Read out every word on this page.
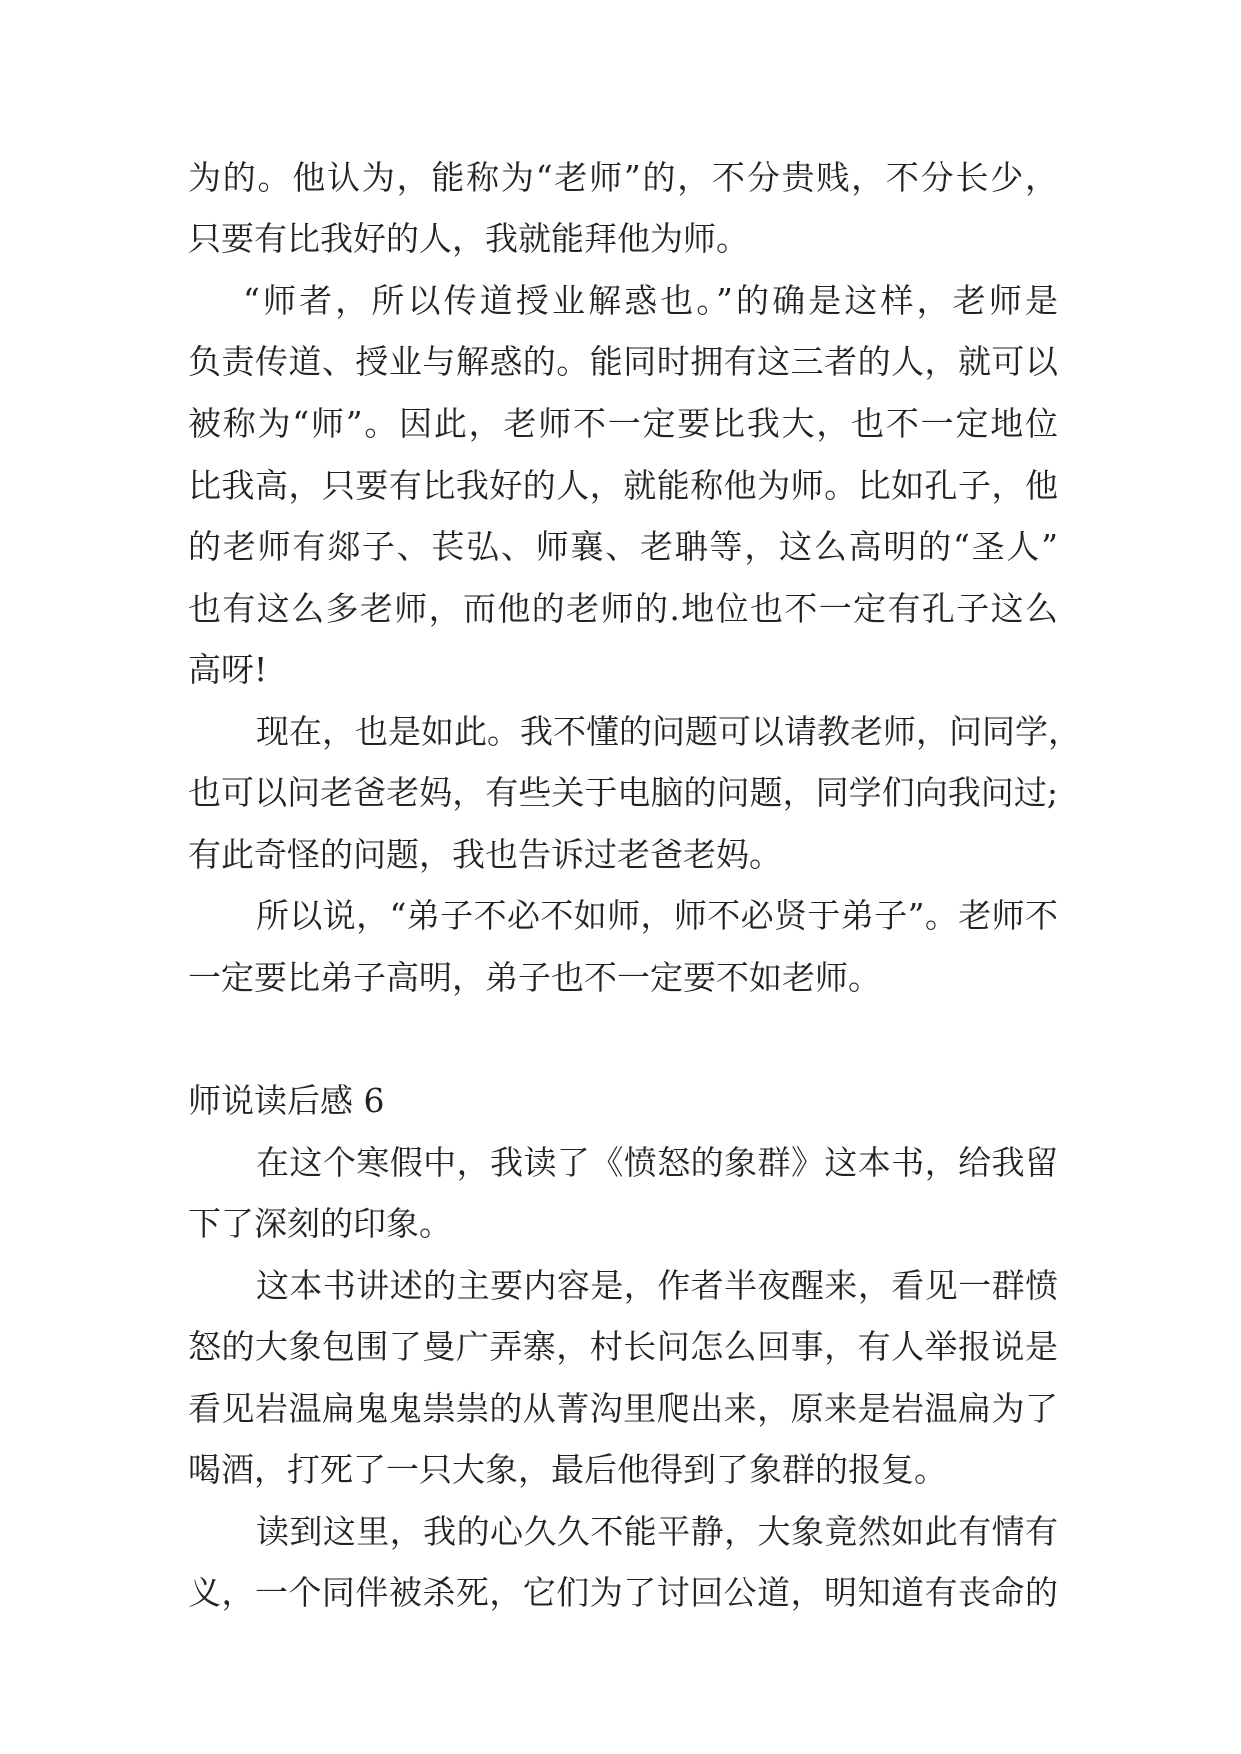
为的。他认为，能称为“老师”的，不分贵贱，不分长少，
只要有比我好的人，我就能拜他为师。
“师者，所以传道授业解惑也。”的确是这样，老师是
负责传道、授业与解惑的。能同时拥有这三者的人，就可以
被称为“师”。因此，老师不一定要比我大，也不一定地位
比我高，只要有比我好的人，就能称他为师。比如孔子，他
的老师有郯子、苌弘、师襄、老聃等，这么高明的“圣人”
也有这么多老师，而他的老师的.地位也不一定有孔子这么
高呀!
现在，也是如此。我不懂的问题可以请教老师，问同学，
也可以问老爸老妈，有些关于电脑的问题，同学们向我问过;
有此奇怪的问题，我也告诉过老爸老妈。
所以说，“弟子不必不如师，师不必贤于弟子”。老师不
一定要比弟子高明，弟子也不一定要不如老师。
师说读后感 6
在这个寒假中，我读了《愤怒的象群》这本书，给我留
下了深刻的印象。
这本书讲述的主要内容是，作者半夜醒来，看见一群愤
怒的大象包围了曼广弄寨，村长问怎么回事，有人举报说是
看见岩温扁鬼鬼祟祟的从菁沟里爬出来，原来是岩温扁为了
喝酒，打死了一只大象，最后他得到了象群的报复。
读到这里，我的心久久不能平静，大象竟然如此有情有
义，一个同伴被杀死，它们为了讨回公道，明知道有丧命的
